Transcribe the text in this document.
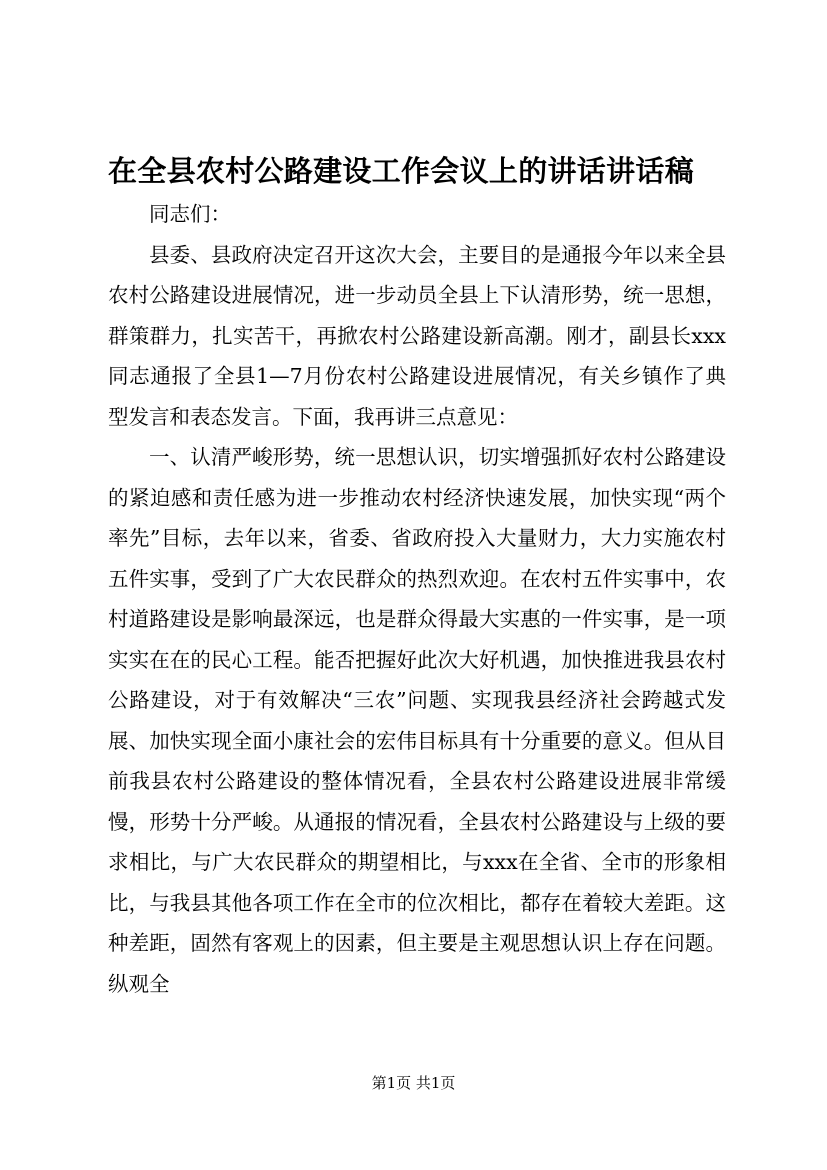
在全县农村公路建设工作会议上的讲话讲话稿

同志们：

县委、县政府决定召开这次大会，主要目的是通报今年以来全县农村公路建设进展情况，进一步动员全县上下认清形势，统一思想，群策群力，扎实苦干，再掀农村公路建设新高潮。刚才，副县长xxx同志通报了全县1—7月份农村公路建设进展情况，有关乡镇作了典型发言和表态发言。下面，我再讲三点意见：

一、认清严峻形势，统一思想认识，切实增强抓好农村公路建设的紧迫感和责任感为进一步推动农村经济快速发展，加快实现“两个率先”目标，去年以来，省委、省政府投入大量财力，大力实施农村五件实事，受到了广大农民群众的热烈欢迎。在农村五件实事中，农村道路建设是影响最深远，也是群众得最大实惠的一件实事，是一项实实在在的民心工程。能否把握好此次大好机遇，加快推进我县农村公路建设，对于有效解决“三农”问题、实现我县经济社会跨越式发展、加快实现全面小康社会的宏伟目标具有十分重要的意义。但从目前我县农村公路建设的整体情况看，全县农村公路建设进展非常缓慢，形势十分严峻。从通报的情况看，全县农村公路建设与上级的要求相比，与广大农民群众的期望相比，与xxx在全省、全市的形象相比，与我县其他各项工作在全市的位次相比，都存在着较大差距。这种差距，固然有客观上的因素，但主要是主观思想认识上存在问题。纵观全

第1页 共1页
